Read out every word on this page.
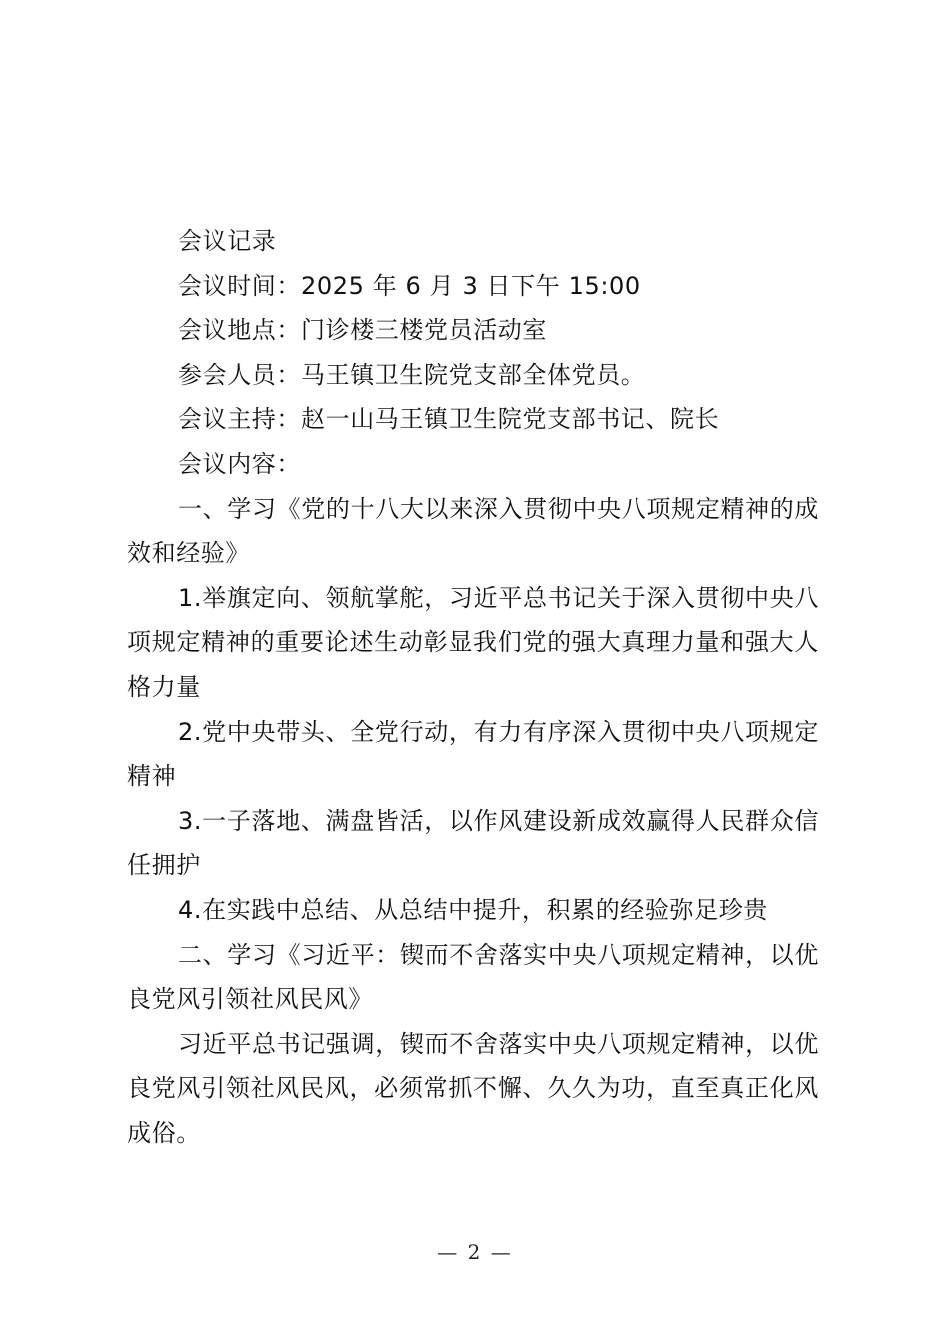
会议记录

会议时间：2025 年 6 月 3 日下午 15:00

会议地点：门诊楼三楼党员活动室

参会人员：马王镇卫生院党支部全体党员。

会议主持：赵一山马王镇卫生院党支部书记、院长

会议内容：

一、学习《党的十八大以来深入贯彻中央八项规定精神的成效和经验》

1.举旗定向、领航掌舵，习近平总书记关于深入贯彻中央八项规定精神的重要论述生动彰显我们党的强大真理力量和强大人格力量

2.党中央带头、全党行动，有力有序深入贯彻中央八项规定精神

3.一子落地、满盘皆活，以作风建设新成效赢得人民群众信任拥护

4.在实践中总结、从总结中提升，积累的经验弥足珍贵

二、学习《习近平：锲而不舍落实中央八项规定精神，以优良党风引领社风民风》

习近平总书记强调，锲而不舍落实中央八项规定精神，以优良党风引领社风民风，必须常抓不懈、久久为功，直至真正化风成俗。

— 2 —
